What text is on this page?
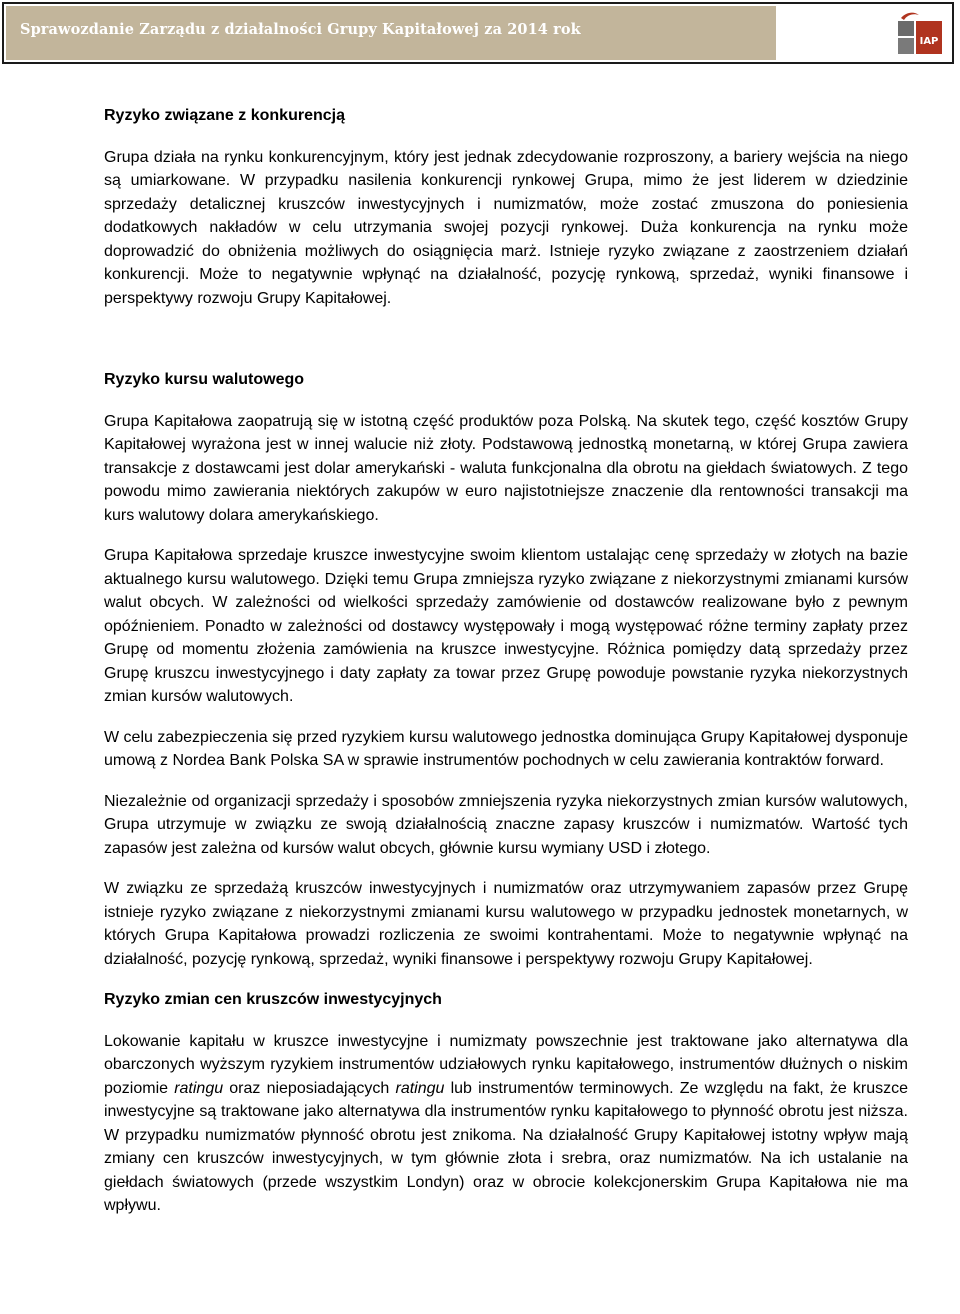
Sprawozdanie Zarządu z działalności Grupy Kapitałowej za 2014 rok
IAP
Ryzyko związane z konkurencją

Grupa działa na rynku konkurencyjnym, który jest jednak zdecydowanie rozproszony, a bariery wejścia na niego są umiarkowane. W przypadku nasilenia konkurencji rynkowej Grupa, mimo że jest liderem w dziedzinie sprzedaży detalicznej kruszców inwestycyjnych i numizmatów, może zostać zmuszona do poniesienia dodatkowych nakładów w celu utrzymania swojej pozycji rynkowej. Duża konkurencja na rynku może doprowadzić do obniżenia możliwych do osiągnięcia marż. Istnieje ryzyko związane z zaostrzeniem działań konkurencji. Może to negatywnie wpłynąć na działalność, pozycję rynkową, sprzedaż, wyniki finansowe i perspektywy rozwoju Grupy Kapitałowej.

Ryzyko kursu walutowego

Grupa Kapitałowa zaopatrują się w istotną część produktów poza Polską. Na skutek tego, część kosztów Grupy Kapitałowej wyrażona jest w innej walucie niż złoty. Podstawową jednostką monetarną, w której Grupa zawiera transakcje z dostawcami jest dolar amerykański - waluta funkcjonalna dla obrotu na giełdach światowych. Z tego powodu mimo zawierania niektórych zakupów w euro najistotniejsze znaczenie dla rentowności transakcji ma kurs walutowy dolara amerykańskiego.

Grupa Kapitałowa sprzedaje kruszce inwestycyjne swoim klientom ustalając cenę sprzedaży w złotych na bazie aktualnego kursu walutowego. Dzięki temu Grupa zmniejsza ryzyko związane z niekorzystnymi zmianami kursów walut obcych. W zależności od wielkości sprzedaży zamówienie od dostawców realizowane było z pewnym opóźnieniem. Ponadto w zależności od dostawcy występowały i mogą występować różne terminy zapłaty przez Grupę od momentu złożenia zamówienia na kruszce inwestycyjne. Różnica pomiędzy datą sprzedaży przez Grupę kruszcu inwestycyjnego i daty zapłaty za towar przez Grupę powoduje powstanie ryzyka niekorzystnych zmian kursów walutowych.

W celu zabezpieczenia się przed ryzykiem kursu walutowego jednostka dominująca Grupy Kapitałowej dysponuje umową z Nordea Bank Polska SA w sprawie instrumentów pochodnych w celu zawierania kontraktów forward.

Niezależnie od organizacji sprzedaży i sposobów zmniejszenia ryzyka niekorzystnych zmian kursów walutowych, Grupa utrzymuje w związku ze swoją działalnością znaczne zapasy kruszców i numizmatów. Wartość tych zapasów jest zależna od kursów walut obcych, głównie kursu wymiany USD i złotego.

W związku ze sprzedażą kruszców inwestycyjnych i numizmatów oraz utrzymywaniem zapasów przez Grupę istnieje ryzyko związane z niekorzystnymi zmianami kursu walutowego w przypadku jednostek monetarnych, w których Grupa Kapitałowa prowadzi rozliczenia ze swoimi kontrahentami. Może to negatywnie wpłynąć na działalność, pozycję rynkową, sprzedaż, wyniki finansowe i perspektywy rozwoju Grupy Kapitałowej.

Ryzyko zmian cen kruszców inwestycyjnych

Lokowanie kapitału w kruszce inwestycyjne i numizmaty powszechnie jest traktowane jako alternatywa dla obarczonych wyższym ryzykiem instrumentów udziałowych rynku kapitałowego, instrumentów dłużnych o niskim poziomie ratingu oraz nieposiadających ratingu lub instrumentów terminowych. Ze względu na fakt, że kruszce inwestycyjne są traktowane jako alternatywa dla instrumentów rynku kapitałowego to płynność obrotu jest niższa. W przypadku numizmatów płynność obrotu jest znikoma. Na działalność Grupy Kapitałowej istotny wpływ mają zmiany cen kruszców inwestycyjnych, w tym głównie złota i srebra, oraz numizmatów. Na ich ustalanie na giełdach światowych (przede wszystkim Londyn) oraz w obrocie kolekcjonerskim Grupa Kapitałowa nie ma wpływu.
